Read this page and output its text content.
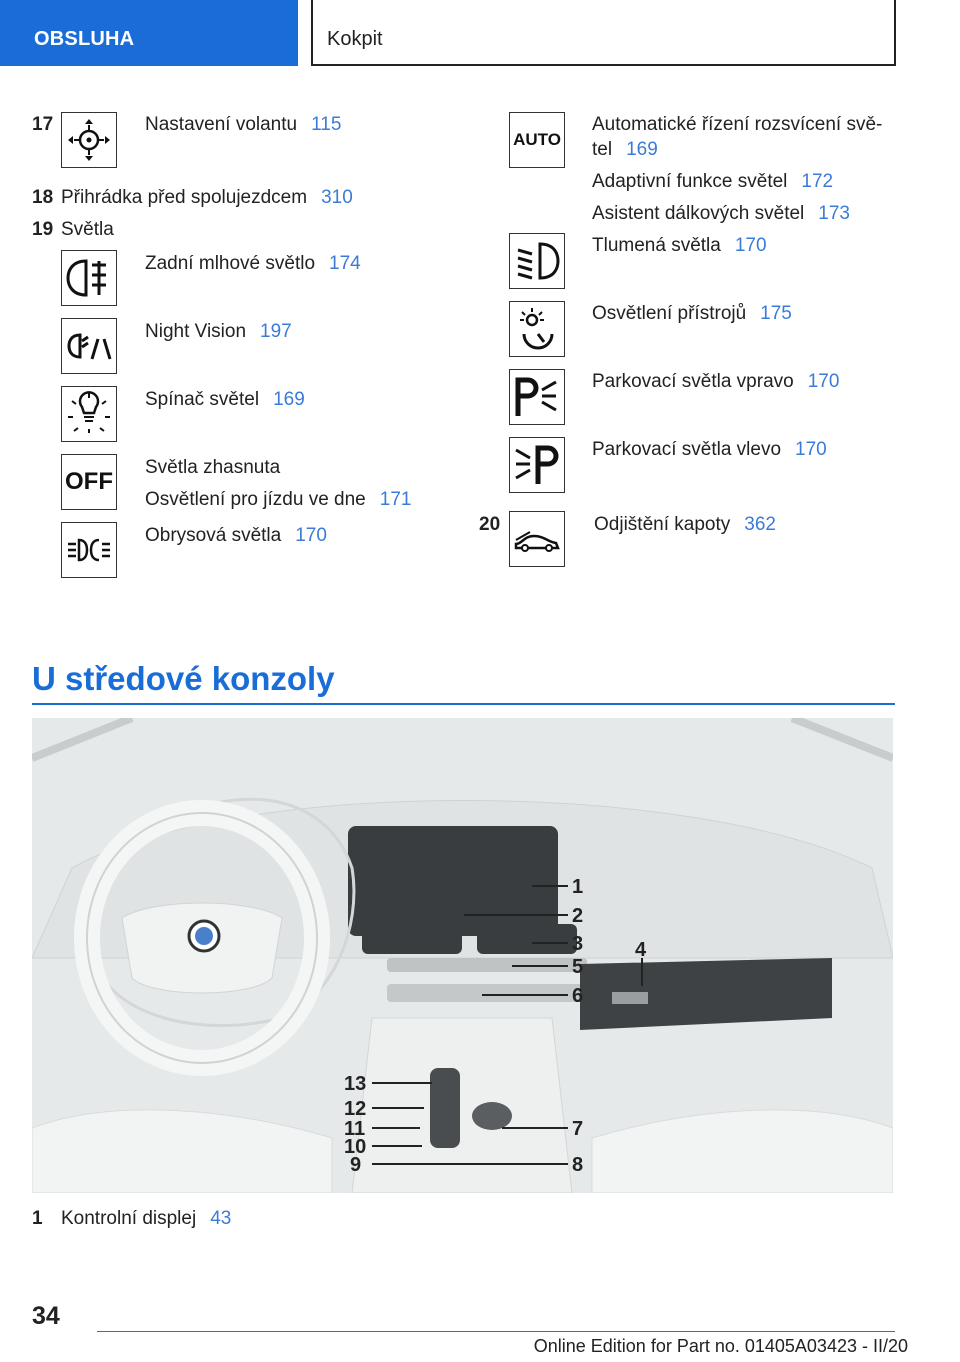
OBSLUHA	Kokpit
17	Nastavení volantu 115
18 Přihrádka před spolujezdcem 310
19 Světla
Zadní mlhové světlo 174
Night Vision 197
Spínač světel 169
OFF
Světla zhasnuta
Osvětlení pro jízdu ve dne 171
Obrysová světla 170
AUTO
Automatické řízení rozsvícení svě-
tel 169
Adaptivní funkce světel 172
Asistent dálkových světel 173
Tlumená světla 170
Osvětlení přístrojů 175
Parkovací světla vpravo 170
Parkovací světla vlevo 170
20	Odjištění kapoty 362
U středové konzoly
1
2
3
5
6
4
13
12
11
10
9
7
8
1 Kontrolní displej 43
34
Online Edition for Part no. 01405A03423 - II/20
